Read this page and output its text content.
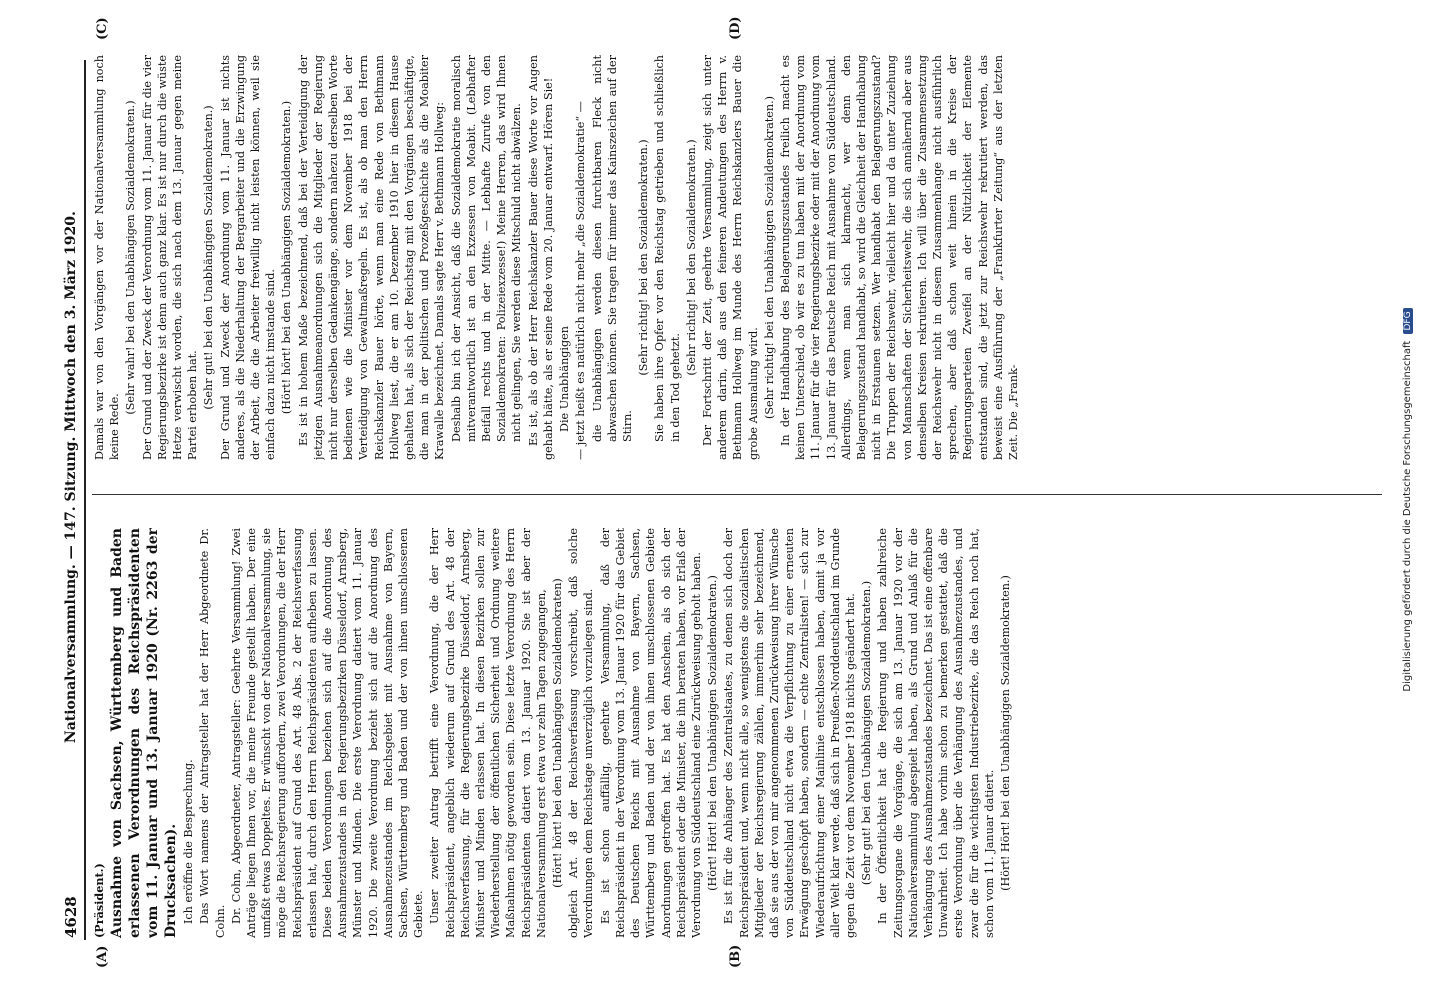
4628
Nationalversammlung. — 147. Sitzung. Mittwoch den 3. März 1920.
(A)	(B)
(C)	(D)

(Präsident.) Ausnahme von Sachsen, Württemberg und Baden erlassenen Verordnungen des Reichspräsidenten vom 11. Januar und 13. Januar 1920 (Nr. 2263 der Drucksachen). Ich eröffne die Besprechung. Das Wort namens der Antragsteller hat der Herr Abgeordnete Dr. Cohn. Dr. Cohn, Abgeordneter, Antragsteller: Geehrte Versammlung! Zwei Anträge liegen Ihnen vor, die meine Freunde gestellt haben. Der eine umfaßt etwas Doppeltes. Er wünscht von der Nationalversammlung, sie möge die Reichsregierung auffordern, zwei Verordnungen, die der Herr Reichspräsident auf Grund des Art. 48 Abs. 2 der Reichsverfassung erlassen hat, durch den Herrn Reichspräsidenten aufheben zu lassen. Diese beiden Verordnungen beziehen sich auf die Anordnung des Ausnahmezustandes in den Regierungsbezirken Düsseldorf, Arnsberg, Münster und Minden. Die erste Verordnung datiert vom 11. Januar 1920. Die zweite Verordnung bezieht sich auf die Anordnung des Ausnahmezustandes im Reichsgebiet mit Ausnahme von Bayern, Sachsen, Württemberg und Baden und der von ihnen umschlossenen Gebiete. Unser zweiter Antrag betrifft eine Verordnung, die der Herr Reichspräsident, angeblich wiederum auf Grund des Art. 48 der Reichsverfassung, für die Regierungsbezirke Düsseldorf, Arnsberg, Münster und Minden erlassen hat. In diesen Bezirken sollen zur Wiederherstellung der öffentlichen Sicherheit und Ordnung weitere Maßnahmen nötig geworden sein. Diese letzte Verordnung des Herrn Reichspräsidenten datiert vom 13. Januar 1920. Sie ist aber der Nationalversammlung erst etwa vor zehn Tagen zugegangen, (Hört! hört! bei den Unabhängigen Sozialdemokraten) obgleich Art. 48 der Reichsverfassung vorschreibt, daß solche Verordnungen dem Reichstage unverzüglich vorzulegen sind. Es ist schon auffällig, geehrte Versammlung, daß der Reichspräsident in der Verordnung vom 13. Januar 1920 für das Gebiet des Deutschen Reichs mit Ausnahme von Bayern, Sachsen, Württemberg und Baden und der von ihnen umschlossenen Gebiete Anordnungen getroffen hat. Es hat den Anschein, als ob sich der Reichspräsident oder die Minister, die ihn beraten haben, vor Erlaß der Verordnung von Süddeutschland eine Zurückweisung geholt haben. (Hört! Hört! bei den Unabhängigen Sozialdemokraten.) Es ist für die Anhänger des Zentralstaates, zu denen sich doch der Reichspräsident und, wenn nicht alle, so wenigstens die sozialistischen Mitglieder der Reichsregierung zählen, immerhin sehr bezeichnend, daß sie aus der von mir angenommenen Zurückweisung ihrer Wünsche von Süddeutschland nicht etwa die Verpflichtung zu einer erneuten Erwägung geschöpft haben, sondern — echte Zentralisten! — sich zur Wiederaufrichtung einer Mainlinie entschlossen haben, damit ja vor aller Welt klar werde, daß sich in Preußen-Norddeutschland im Grunde gegen die Zeit vor dem November 1918 nichts geändert hat. (Sehr gut! bei den Unabhängigen Sozialdemokraten.) In der Öffentlichkeit hat die Regierung und haben zahlreiche Zeitungsorgane die Vorgänge, die sich am 13. Januar 1920 vor der Nationalversammlung abgespielt haben, als Grund und Anlaß für die Verhängung des Ausnahmezustandes bezeichnet. Das ist eine offenbare Unwahrheit. Ich habe vorhin schon zu bemerken gestattet, daß die erste Verordnung über die Verhängung des Ausnahmezustandes, und zwar die für die wichtigsten Industriebezirke, die das Reich noch hat, schon vom 11. Januar datiert. (Hört! Hört! bei den Unabhängigen Sozialdemokraten.)

Damals war von den Vorgängen vor der Nationalversammlung noch keine Rede.

(Sehr wahr! bei den Unabhängigen Sozialdemokraten.) Der Grund und der Zweck der Verordnung vom 11. Januar für die vier Regierungsbezirke ist denn auch ganz klar. Es ist nur durch die wüste Hetze verwischt worden, die sich nach dem 13. Januar gegen meine Partei erhoben hat. (Sehr gut! bei den Unabhängigen Sozialdemokraten.) Der Grund und Zweck der Anordnung vom 11. Januar ist nichts anderes, als die Niederhaltung der Bergarbeiter und die Erzwingung der Arbeit, die die Arbeiter freiwillig nicht leisten können, weil sie einfach dazu nicht imstande sind. (Hört! hört! bei den Unabhängigen Sozialdemokraten.) Es ist in hohem Maße bezeichnend, daß bei der Verteidigung der jetzigen Ausnahmeanordnungen sich die Mitglieder der Regierung nicht nur derselben Gedankengänge, sondern nahezu derselben Worte bedienen wie die Minister vor dem November 1918 bei der Verteidigung von Gewaltmaßregeln. Es ist, als ob man den Herrn Reichskanzler Bauer hörte, wenn man eine Rede von Bethmann Hollweg liest, die er am 10. Dezember 1910 hier in diesem Hause gehalten hat, als sich der Reichstag mit den Vorgängen beschäftigte, die man in der politischen und Prozeßgeschichte als die Moabiter Krawalle bezeichnet. Damals sagte Herr v. Bethmann Hollweg: Deshalb bin ich der Ansicht, daß die Sozialdemokratie moralisch mitverantwortlich ist an den Exzessen von Moabit. (Lebhafter Beifall rechts und in der Mitte. — Lebhafte Zurufe von den Sozialdemokraten: Polizeiexzesse!) Meine Herren, das wird Ihnen nicht gelingen, Sie werden diese Mitschuld nicht abwälzen. Es ist, als ob der Herr Reichskanzler Bauer diese Worte vor Augen gehabt hätte, als er seine Rede vom 20. Januar entwarf. Hören Sie! Die Unabhängigen — jetzt heißt es natürlich nicht mehr „die Sozialdemokratie“ — die Unabhängigen werden diesen furchtbaren Fleck nicht abwaschen können. Sie tragen für immer das Kainszeichen auf der Stirn.

(Sehr richtig! bei den Sozialdemokraten.) Sie haben ihre Opfer vor den Reichstag getrieben und schließlich in den Tod gehetzt.

(Sehr richtig! bei den Sozialdemokraten.) Der Fortschritt der Zeit, geehrte Versammlung, zeigt sich unter anderem darin, daß aus den feineren Andeutungen des Herrn v. Bethmann Hollweg im Munde des Herrn Reichskanzlers Bauer die grobe Ausmalung wird. (Sehr richtig! bei den Unabhängigen Sozialdemokraten.) In der Handhabung des Belagerungszustandes freilich macht es keinen Unterschied, ob wir es zu tun haben mit der Anordnung vom 11. Januar für die vier Regierungsbezirke oder mit der Anordnung vom 13. Januar für das Deutsche Reich mit Ausnahme von Süddeutschland. Allerdings, wenn man sich klarmacht, wer denn den Belagerungszustand handhabt, so wird die Gleichheit der Handhabung nicht in Erstaunen setzen. Wer handhabt den Belagerungszustand? Die Truppen der Reichswehr, vielleicht hier und da unter Zuziehung von Mannschaften der Sicherheitswehr, die sich annähernd aber aus denselben Kreisen rekrutieren. Ich will über die Zusammensetzung der Reichswehr nicht in diesem Zusammenhange nicht ausführlich sprechen, aber daß schon weit hinein in die Kreise der Regierungsparteien Zweifel an der Nützlichkeit der Elemente entstanden sind, die jetzt zur Reichswehr rekrutiert werden, das beweist eine Ausführung der „Frankfurter Zeitung“ aus der letzten Zeit. Die „Frank-	Digitalisierung gefördert durch die Deutsche Forschungsgemeinschaft DFG
